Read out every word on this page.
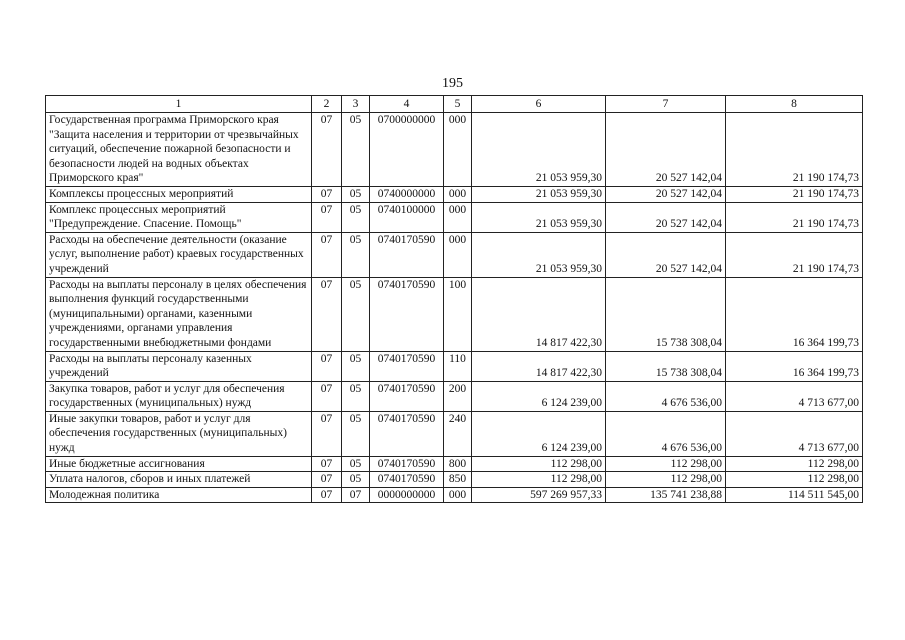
195
1	2	3	4	5	6	7	8
Государственная программа Приморского края "Защита населения и территории от чрезвычайных ситуаций, обеспечение пожарной безопасности и безопасности людей на водных объектах Приморского края"	07	05	0700000000	000	21 053 959,30	20 527 142,04	21 190 174,73
Комплексы процессных мероприятий	07	05	0740000000	000	21 053 959,30	20 527 142,04	21 190 174,73
Комплекс процессных мероприятий "Предупреждение. Спасение. Помощь"	07	05	0740100000	000	21 053 959,30	20 527 142,04	21 190 174,73
Расходы на обеспечение деятельности (оказание услуг, выполнение работ) краевых государственных учреждений	07	05	0740170590	000	21 053 959,30	20 527 142,04	21 190 174,73
Расходы на выплаты персоналу в целях обеспечения выполнения функций государственными (муниципальными) органами, казенными учреждениями, органами управления государственными внебюджетными фондами	07	05	0740170590	100	14 817 422,30	15 738 308,04	16 364 199,73
Расходы на выплаты персоналу казенных учреждений	07	05	0740170590	110	14 817 422,30	15 738 308,04	16 364 199,73
Закупка товаров, работ и услуг для обеспечения государственных (муниципальных) нужд	07	05	0740170590	200	6 124 239,00	4 676 536,00	4 713 677,00
Иные закупки товаров, работ и услуг для обеспечения государственных (муниципальных) нужд	07	05	0740170590	240	6 124 239,00	4 676 536,00	4 713 677,00
Иные бюджетные ассигнования	07	05	0740170590	800	112 298,00	112 298,00	112 298,00
Уплата налогов, сборов и иных платежей	07	05	0740170590	850	112 298,00	112 298,00	112 298,00
Молодежная политика	07	07	0000000000	000	597 269 957,33	135 741 238,88	114 511 545,00
